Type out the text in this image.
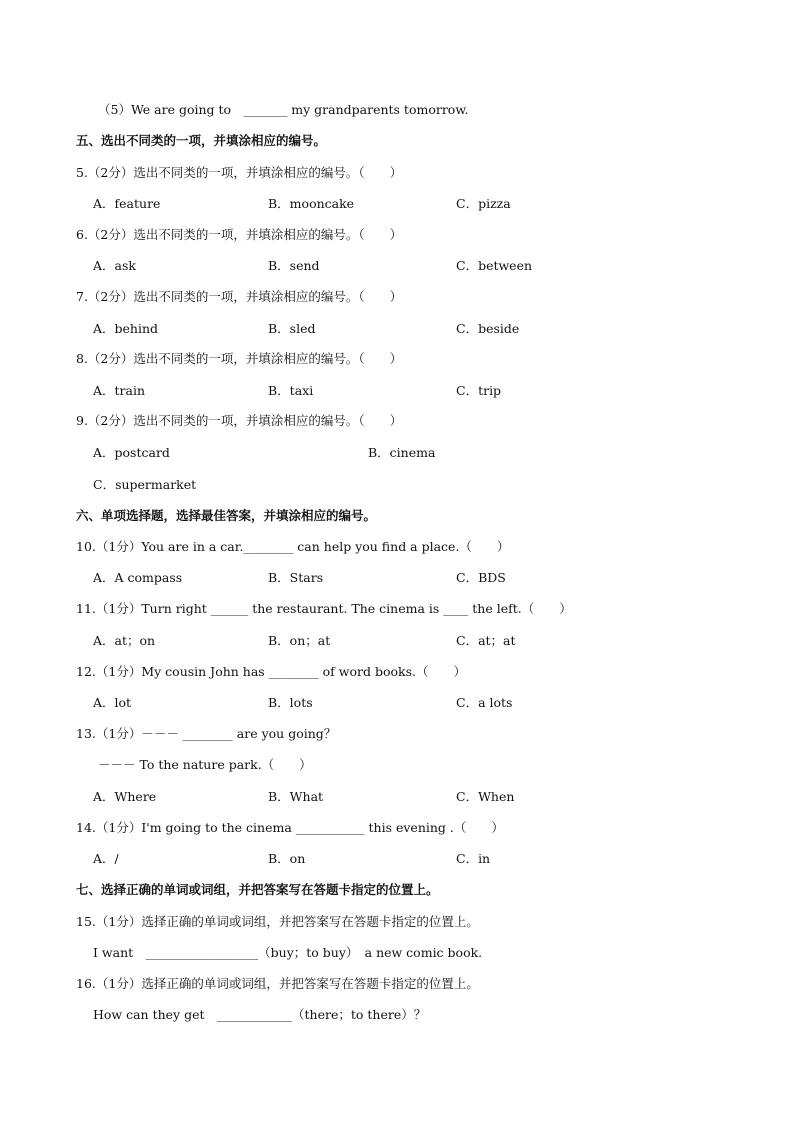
（5）We are going to　_______ my grandparents tomorrow.
五、选出不同类的一项，并填涂相应的编号。
5.（2分）选出不同类的一项，并填涂相应的编号。（　　）
A．feature	B．mooncake	C．pizza
6.（2分）选出不同类的一项，并填涂相应的编号。（　　）
A．ask	B．send	C．between
7.（2分）选出不同类的一项，并填涂相应的编号。（　　）
A．behind	B．sled	C．beside
8.（2分）选出不同类的一项，并填涂相应的编号。（　　）
A．train	B．taxi	C．trip
9.（2分）选出不同类的一项，并填涂相应的编号。（　　）
A．postcard	B．cinema
C．supermarket
六、单项选择题，选择最佳答案，并填涂相应的编号。
10.（1分）You are in a car.________ can help you find a place.（　　）
A．A compass	B．Stars	C．BDS
11.（1分）Turn right ______ the restaurant. The cinema is ____ the left.（　　）
A．at；on	B．on；at	C．at；at
12.（1分）My cousin John has ________ of word books.（　　）
A．lot	B．lots	C．a lots
13.（1分）－－－ ________ are you going？
－－－ To the nature park.（　　）
A．Where	B．What	C．When
14.（1分）I'm going to the cinema ___________ this evening .（　　）
A．/	B．on	C．in
七、选择正确的单词或词组，并把答案写在答题卡指定的位置上。
15.（1分）选择正确的单词或词组，并把答案写在答题卡指定的位置上。
I want　__________________（buy；to buy）　a new comic book.
16.（1分）选择正确的单词或词组，并把答案写在答题卡指定的位置上。
How can they get　____________（there；to there）？
